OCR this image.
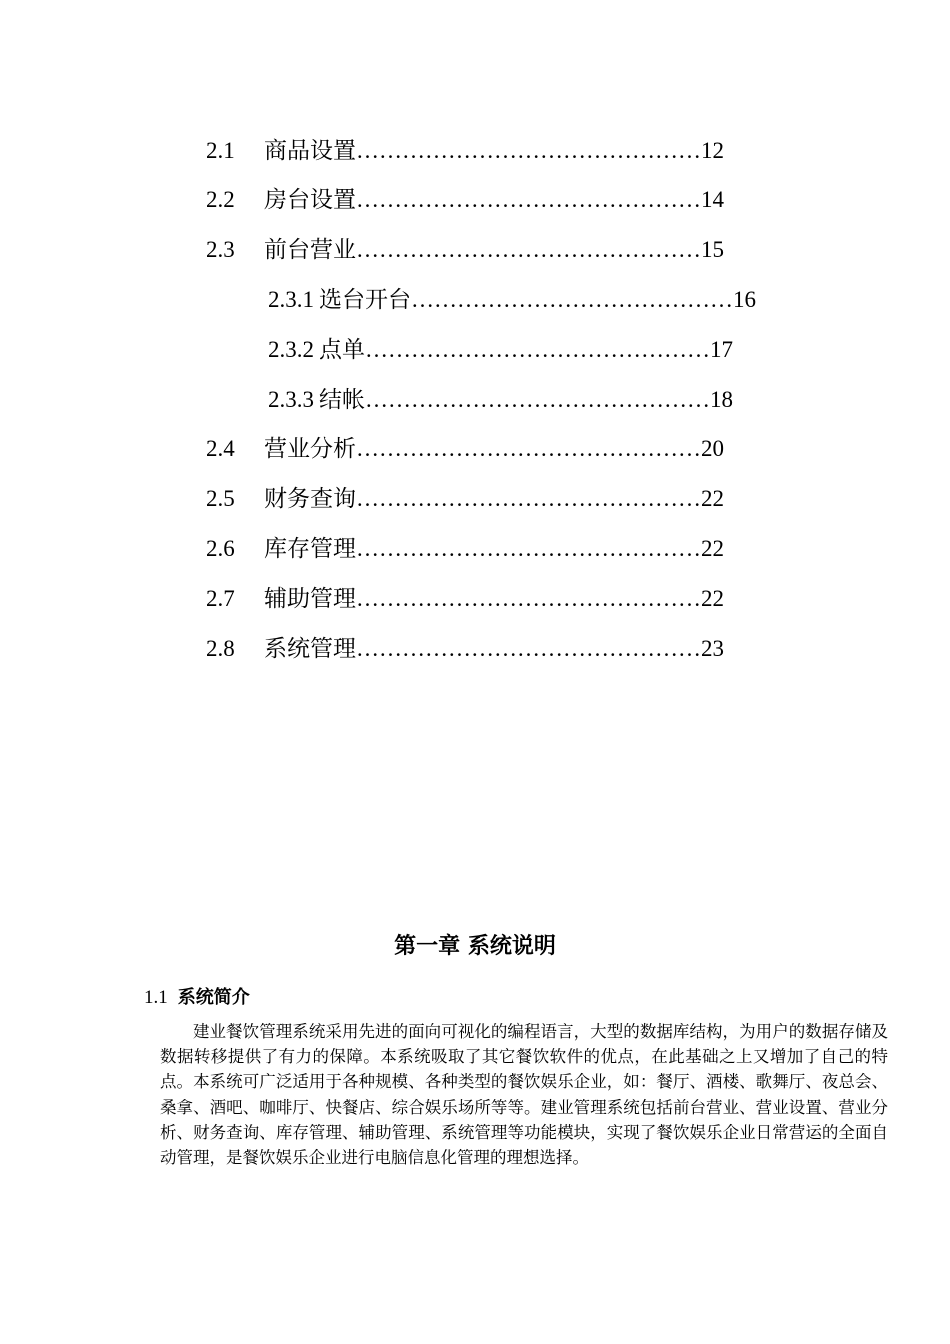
2.1 商品设置………………………………………12
2.2 房台设置………………………………………14
2.3 前台营业………………………………………15
2.3.1 选台开台……………………………………16
2.3.2 点单………………………………………17
2.3.3 结帐………………………………………18
2.4 营业分析………………………………………20
2.5 财务查询………………………………………22
2.6 库存管理………………………………………22
2.7 辅助管理………………………………………22
2.8 系统管理………………………………………23
第一章 系统说明
1.1 系统简介

建业餐饮管理系统采用先进的面向可视化的编程语言，大型的数据库结构，为用户的数据存储及数据转移提供了有力的保障。本系统吸取了其它餐饮软件的优点，在此基础之上又增加了自己的特点。本系统可广泛适用于各种规模、各种类型的餐饮娱乐企业，如：餐厅、酒楼、歌舞厅、夜总会、桑拿、酒吧、咖啡厅、快餐店、综合娱乐场所等等。建业管理系统包括前台营业、营业设置、营业分析、财务查询、库存管理、辅助管理、系统管理等功能模块，实现了餐饮娱乐企业日常营运的全面自动管理，是餐饮娱乐企业进行电脑信息化管理的理想选择。
